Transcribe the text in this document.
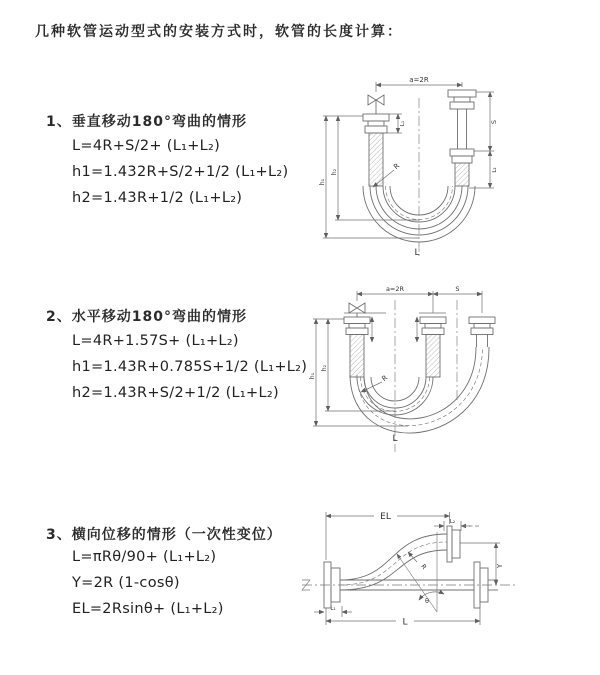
几种软管运动型式的安装方式时，软管的长度计算：
1、垂直移动180°弯曲的情形
L=4R+S/2+ (L₁+L₂)
h1=1.432R+S/2+1/2 (L₁+L₂)
h2=1.43R+1/2 (L₁+L₂)
2、水平移动180°弯曲的情形
L=4R+1.57S+ (L₁+L₂)
h1=1.43R+0.785S+1/2 (L₁+L₂)
h2=1.43R+S/2+1/2 (L₁+L₂)
3、横向位移的情形（一次性变位）
L=πRθ/90+ (L₁+L₂)
Y=2R (1-cosθ)
EL=2Rsinθ+ (L₁+L₂)
a=2R
L₁
h₂
h₁
S
L₂
R
L
a=2R	S
h₂
h₁	R
L
EL	L₂
Y
θ
R
L
L₁
